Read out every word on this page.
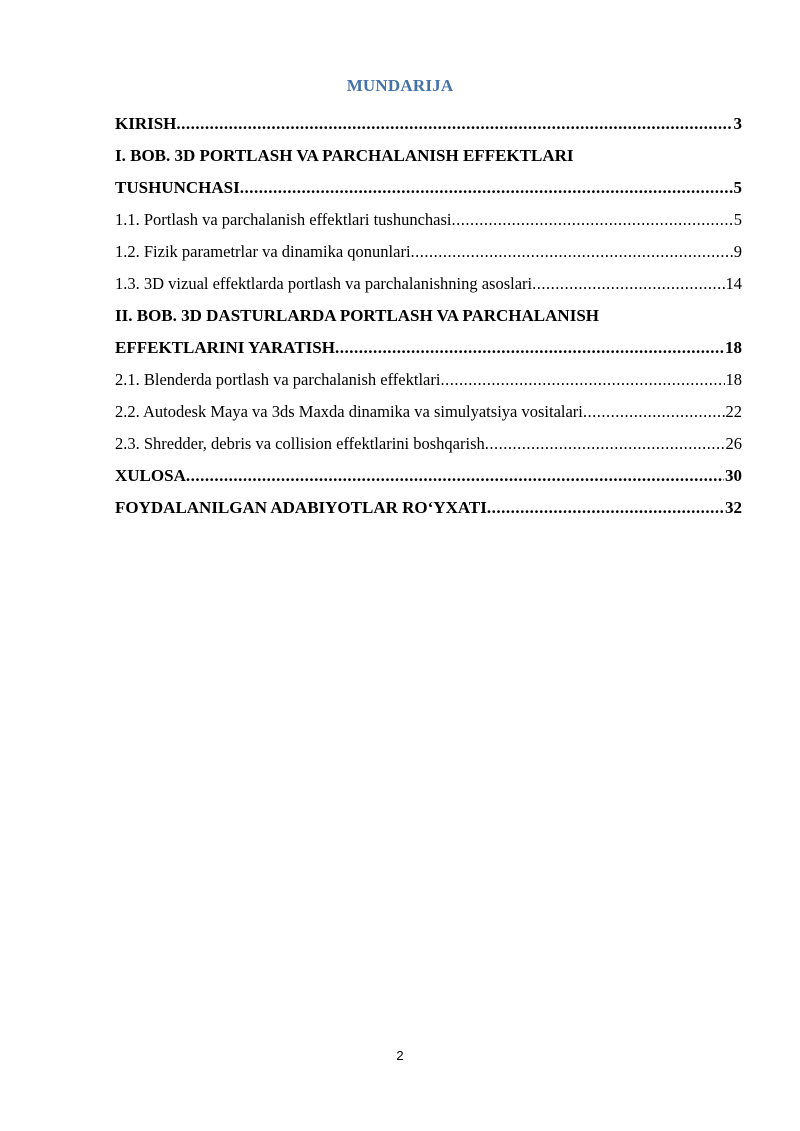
MUNDARIJA
KIRISH .....	3
I. BOB. 3D PORTLASH VA PARCHALANISH EFFEKTLARI
TUSHUNCHASI .....	5
1.1. Portlash va parchalanish effektlari tushunchasi .....	5
1.2. Fizik parametrlar va dinamika qonunlari .....	9
1.3. 3D vizual effektlarda portlash va parchalanishning asoslari .....	14
II. BOB. 3D DASTURLARDA PORTLASH VA PARCHALANISH
EFFEKTLARINI YARATISH .....	18
2.1. Blenderda portlash va parchalanish effektlari .....	18
2.2. Autodesk Maya va 3ds Maxda dinamika va simulyatsiya vositalari .....	22
2.3. Shredder, debris va collision effektlarini boshqarish .....	26
XULOSA .....	30
FOYDALANILGAN ADABIYOTLAR RO‘YXATI .....	32
2
